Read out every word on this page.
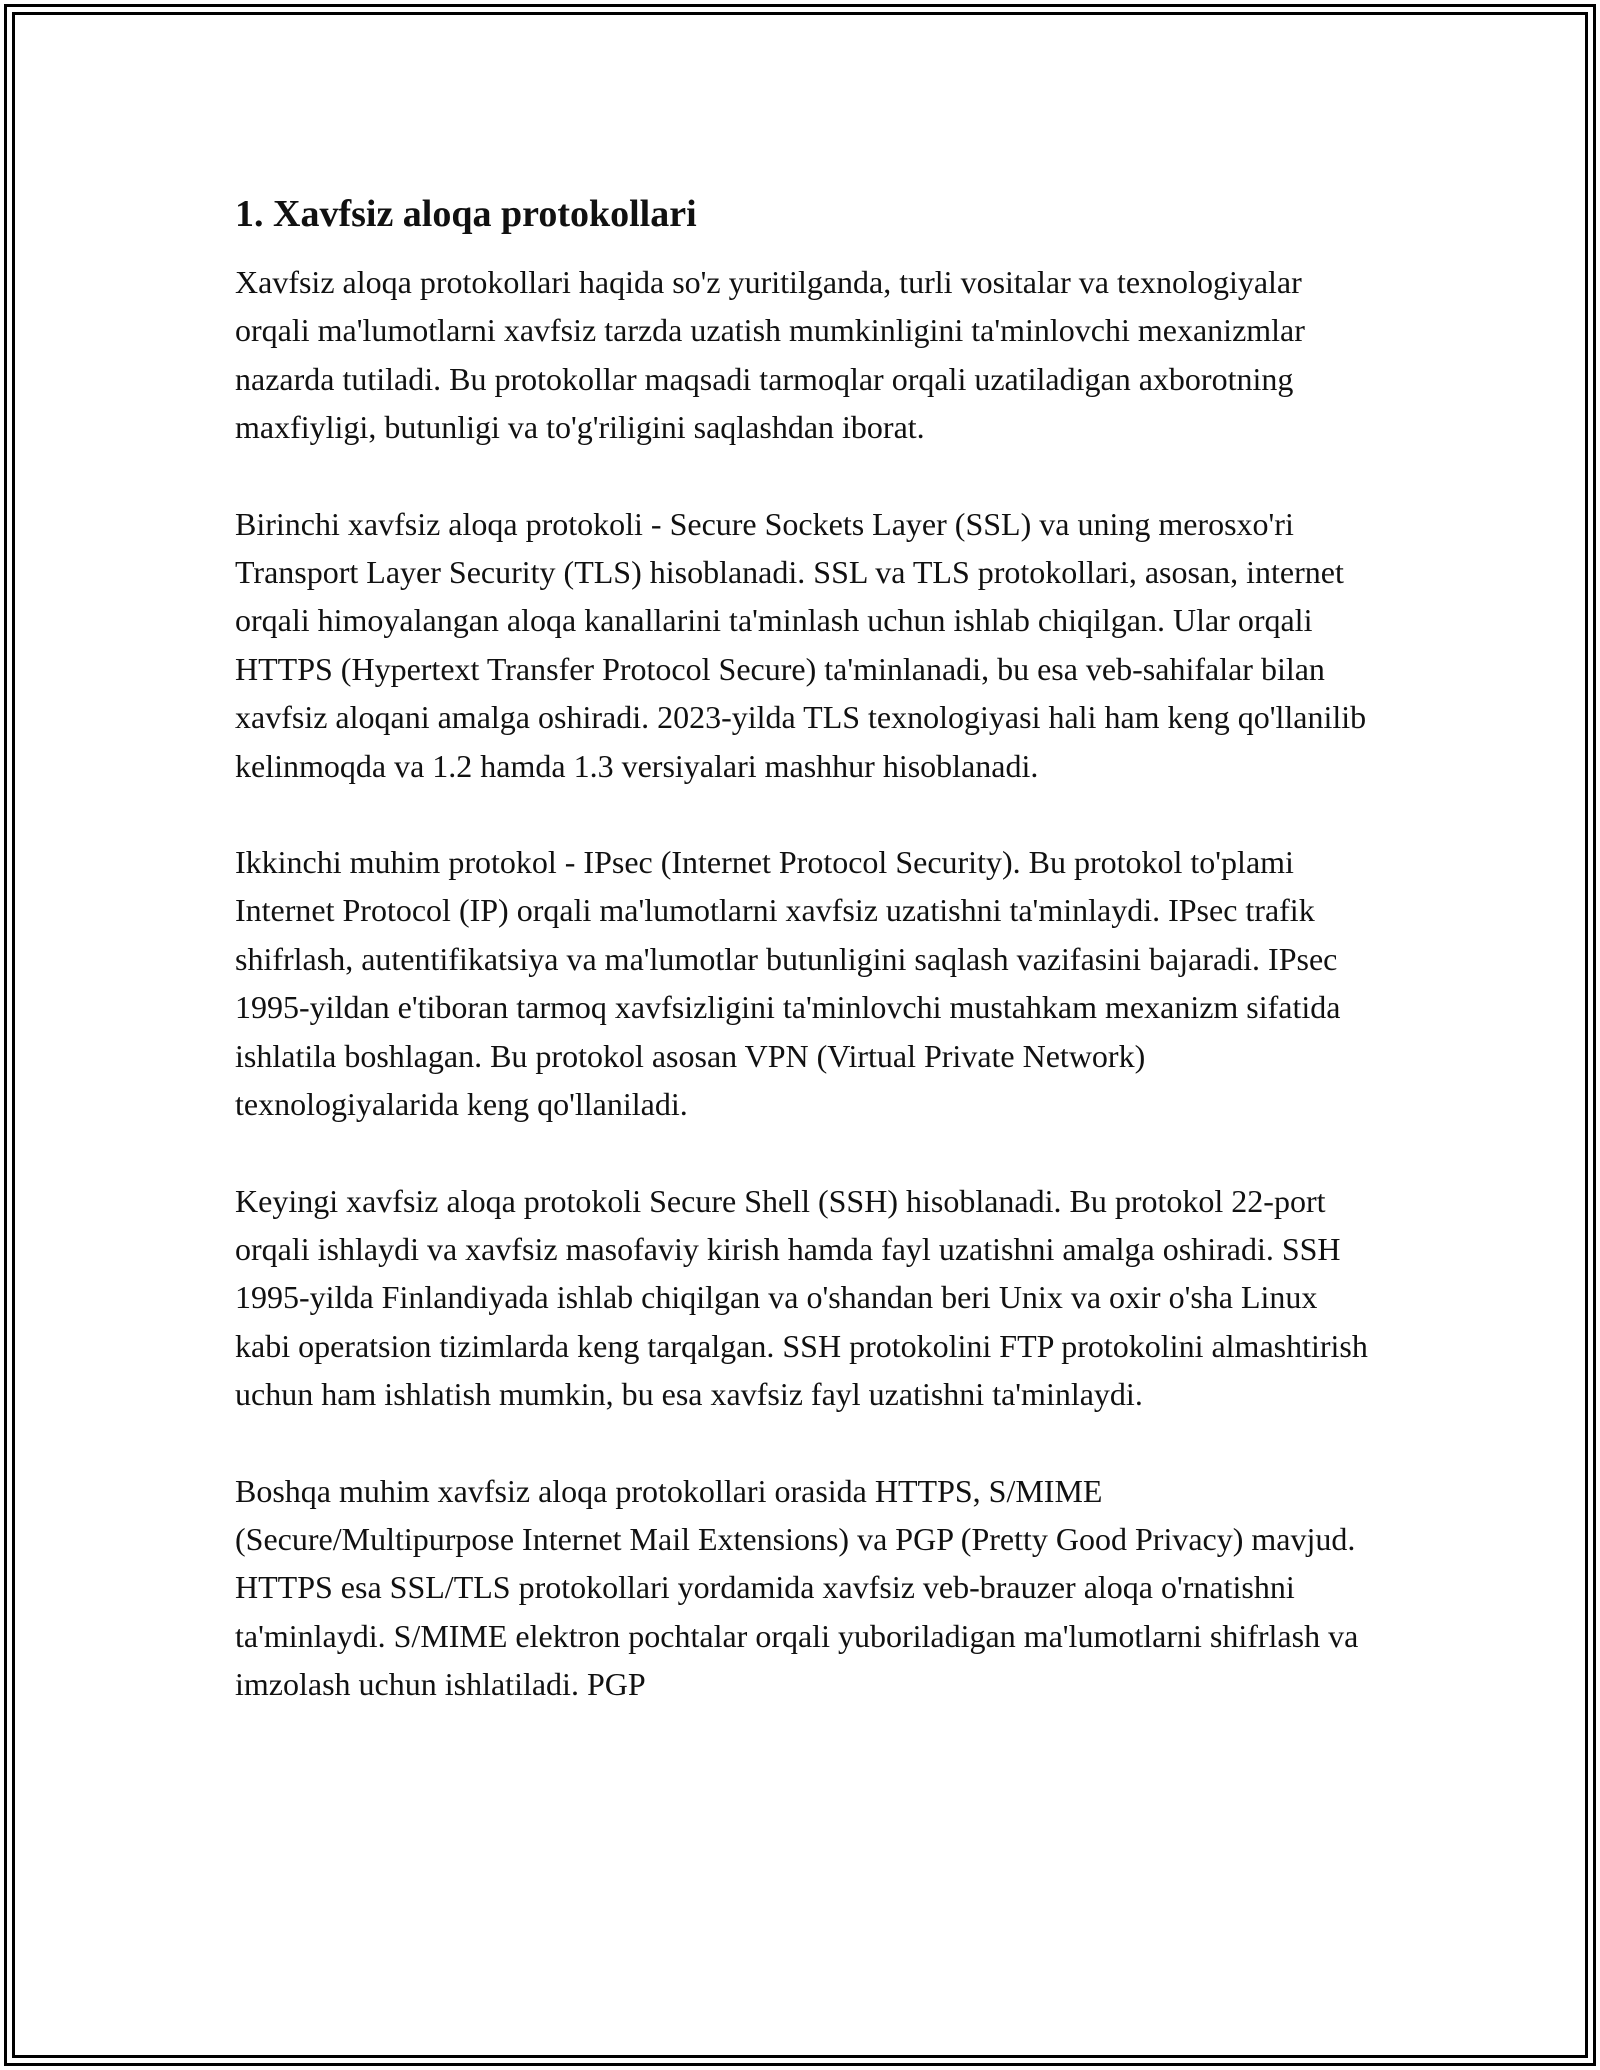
1. Xavfsiz aloqa protokollari

Xavfsiz aloqa protokollari haqida so'z yuritilganda, turli vositalar va texnologiyalar orqali ma'lumotlarni xavfsiz tarzda uzatish mumkinligini ta'minlovchi mexanizmlar nazarda tutiladi. Bu protokollar maqsadi tarmoqlar orqali uzatiladigan axborotning maxfiyligi, butunligi va to'g'riligini saqlashdan iborat.

Birinchi xavfsiz aloqa protokoli - Secure Sockets Layer (SSL) va uning merosxo'ri Transport Layer Security (TLS) hisoblanadi. SSL va TLS protokollari, asosan, internet orqali himoyalangan aloqa kanallarini ta'minlash uchun ishlab chiqilgan. Ular orqali HTTPS (Hypertext Transfer Protocol Secure) ta'minlanadi, bu esa veb-sahifalar bilan xavfsiz aloqani amalga oshiradi. 2023-yilda TLS texnologiyasi hali ham keng qo'llanilib kelinmoqda va 1.2 hamda 1.3 versiyalari mashhur hisoblanadi.

Ikkinchi muhim protokol - IPsec (Internet Protocol Security). Bu protokol to'plami Internet Protocol (IP) orqali ma'lumotlarni xavfsiz uzatishni ta'minlaydi. IPsec trafik shifrlash, autentifikatsiya va ma'lumotlar butunligini saqlash vazifasini bajaradi. IPsec 1995-yildan e'tiboran tarmoq xavfsizligini ta'minlovchi mustahkam mexanizm sifatida ishlatila boshlagan. Bu protokol asosan VPN (Virtual Private Network) texnologiyalarida keng qo'llaniladi.

Keyingi xavfsiz aloqa protokoli Secure Shell (SSH) hisoblanadi. Bu protokol 22-port orqali ishlaydi va xavfsiz masofaviy kirish hamda fayl uzatishni amalga oshiradi. SSH 1995-yilda Finlandiyada ishlab chiqilgan va o'shandan beri Unix va oxir o'sha Linux kabi operatsion tizimlarda keng tarqalgan. SSH protokolini FTP protokolini almashtirish uchun ham ishlatish mumkin, bu esa xavfsiz fayl uzatishni ta'minlaydi.

Boshqa muhim xavfsiz aloqa protokollari orasida HTTPS, S/MIME (Secure/Multipurpose Internet Mail Extensions) va PGP (Pretty Good Privacy) mavjud. HTTPS esa SSL/TLS protokollari yordamida xavfsiz veb-brauzer aloqa o'rnatishni ta'minlaydi. S/MIME elektron pochtalar orqali yuboriladigan ma'lumotlarni shifrlash va imzolash uchun ishlatiladi. PGP
